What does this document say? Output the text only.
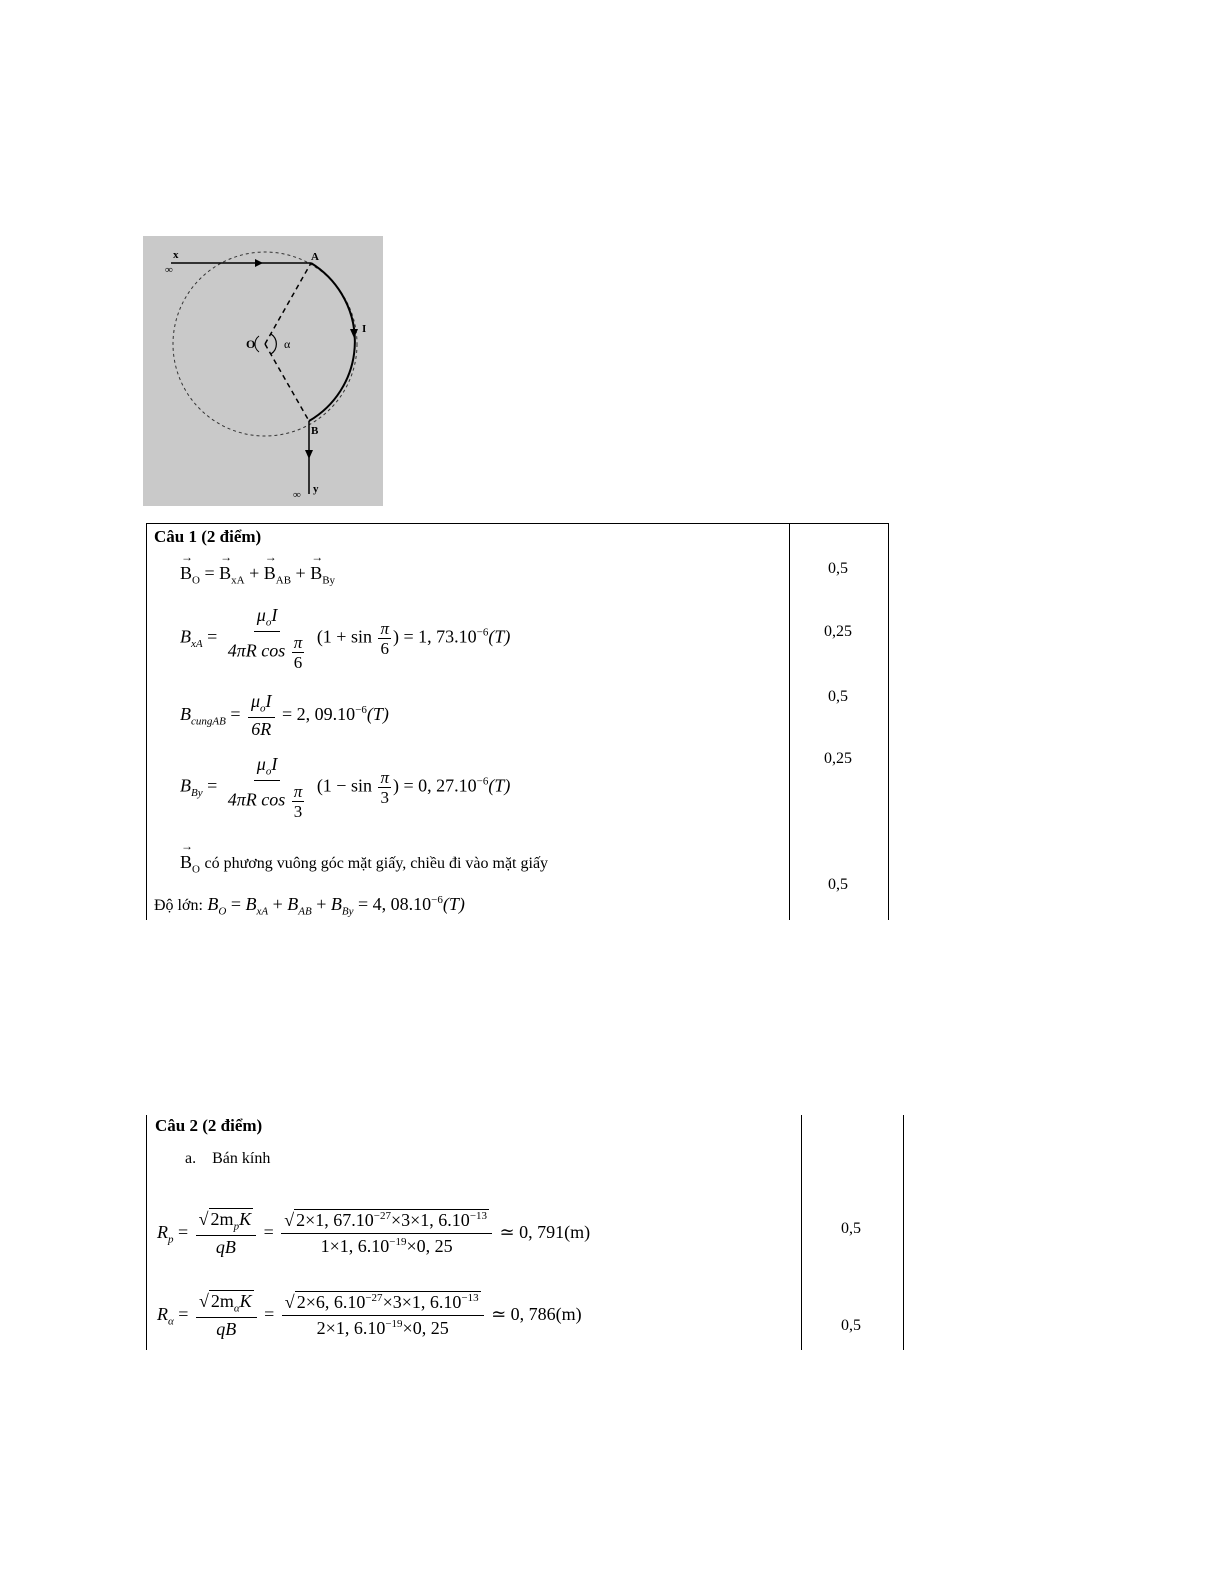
x
∞
A
I
O α
B
y
∞
Câu 1 (2 điểm)
→ $B_O$ = → $B_{xA}$ + → $B_{AB}$ + → $B_{By}$
$B_{xA} = \frac{\mu_oI}{4\pi R \cos \frac{\pi}{6}} (1 + \sin \frac{\pi}{6}$ ) = 1, $73.10^{-6}(T)$
$B_{cungAB} = \frac{\mu_oI}{6R} = 2$, $09.10^{-6}(T)$
$B_{By} = \frac{\mu_oI}{4\pi R \cos \frac{\pi}{3}} (1 - \sin \frac{\pi}{3}$ ) = 0, $27.10^{-6}(T)$
→ $B_O$ có phương vuông góc mặt giấy, chiều đi vào mặt giấy
Độ lớn: $B_O = B_{xA} + B_{AB} + B_{By} = 4$, $08.10^{-6}(T)$
0,5
0,25
0,5
0,25
0,5
Câu 2 (2 điểm)
a. Bán kính
$R_p = \frac{√ 2m_pK}{qB} = \frac{√ 2\times 1, 67.10^{-27}\times 3\times 1, 6.10^{-13}}{1\times 1, 6.10^{-19}\times 0, 25}$ ≃ 0, 791(m)
$R_\alpha = \frac{√ 2m_\alpha K}{qB} = \frac{√ 2\times 6, 6.10^{-27}\times 3\times 1, 6.10^{-13}}{2\times 1, 6.10^{-19}\times 0, 25}$ ≃ 0, 786(m)
0,5
0,5
